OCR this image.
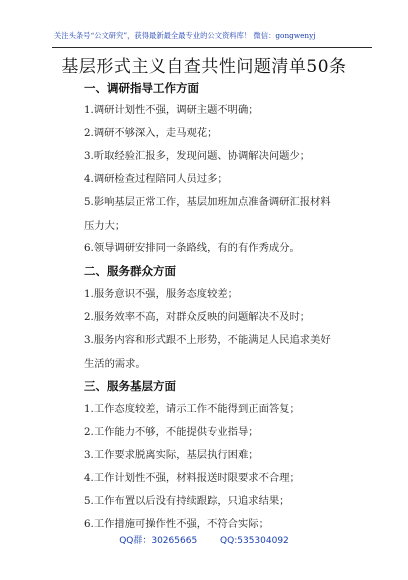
关注头条号“公文研究”，获得最新最全最专业的公文资料库！ 微信：gongwenyj
基层形式主义自查共性问题清单50条
一、调研指导工作方面
1.调研计划性不强，调研主题不明确；
2.调研不够深入，走马观花；
3.听取经验汇报多，发现问题、协调解决问题少；
4.调研检查过程陪同人员过多；
5.影响基层正常工作，基层加班加点准备调研汇报材料
压力大；
6.领导调研安排同一条路线，有的有作秀成分。
二、服务群众方面
1.服务意识不强，服务态度较差；
2.服务效率不高，对群众反映的问题解决不及时；
3.服务内容和形式跟不上形势，不能满足人民追求美好
生活的需求。
三、服务基层方面
1.工作态度较差，请示工作不能得到正面答复；
2.工作能力不够，不能提供专业指导；
3.工作要求脱离实际，基层执行困难；
4.工作计划性不强，材料报送时限要求不合理；
5.工作布置以后没有持续跟踪，只追求结果；
6.工作措施可操作性不强，不符合实际；
QQ群：30265665	QQ:535304092
